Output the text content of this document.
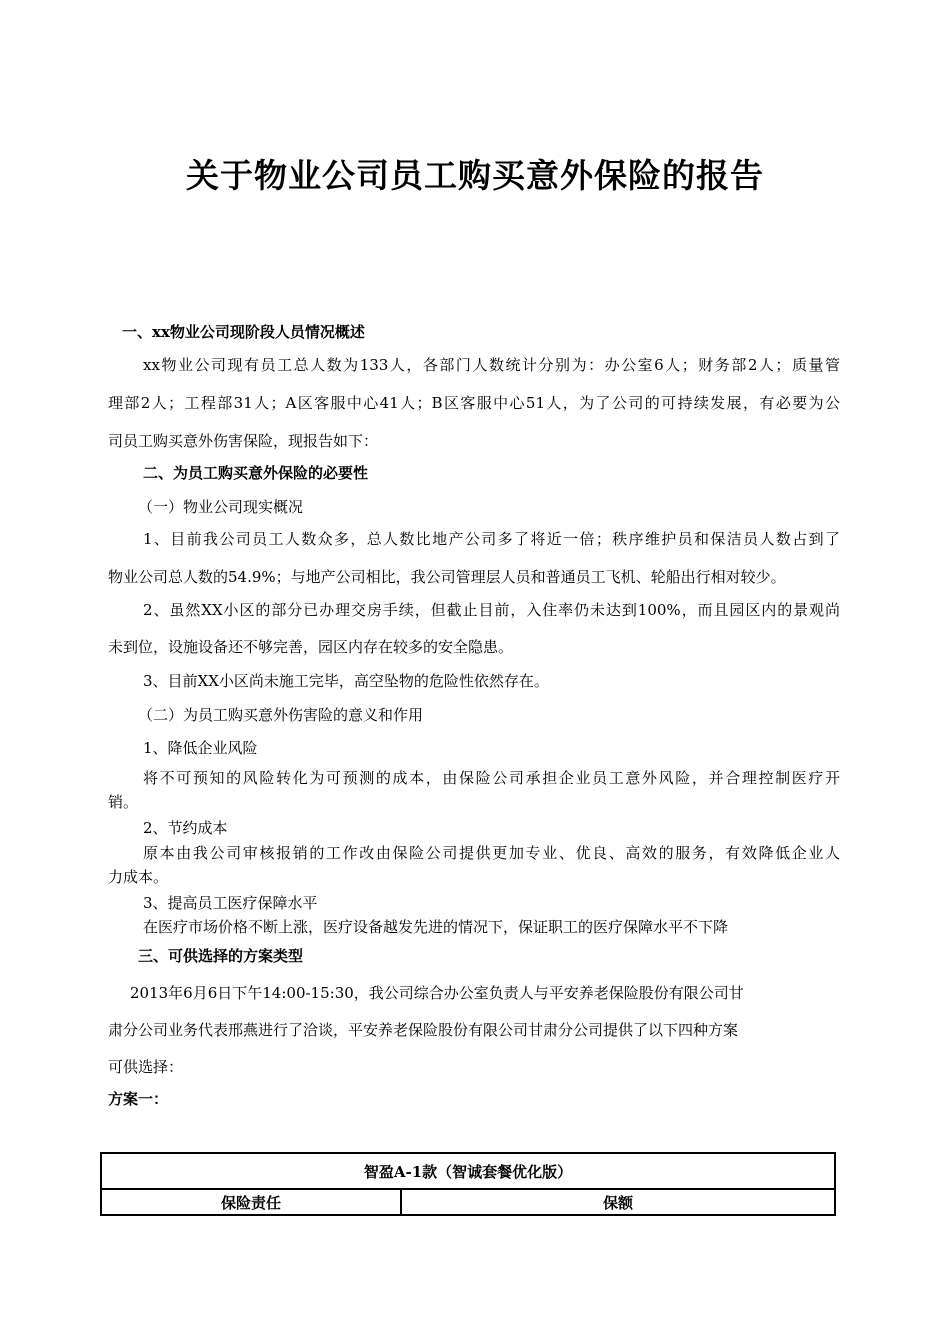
关于物业公司员工购买意外保险的报告
一、xx物业公司现阶段人员情况概述
xx物业公司现有员工总人数为133人，各部门人数统计分别为：办公室6人；财务部2人；质量管
理部2人；工程部31人；A区客服中心41人；B区客服中心51人，为了公司的可持续发展，有必要为公
司员工购买意外伤害保险，现报告如下：
二、为员工购买意外保险的必要性
（一）物业公司现实概况
1、目前我公司员工人数众多，总人数比地产公司多了将近一倍；秩序维护员和保洁员人数占到了
物业公司总人数的54.9%；与地产公司相比，我公司管理层人员和普通员工飞机、轮船出行相对较少。
2、虽然XX小区的部分已办理交房手续，但截止目前，入住率仍未达到100%，而且园区内的景观尚
未到位，设施设备还不够完善，园区内存在较多的安全隐患。
3、目前XX小区尚未施工完毕，高空坠物的危险性依然存在。
（二）为员工购买意外伤害险的意义和作用
1、降低企业风险
将不可预知的风险转化为可预测的成本，由保险公司承担企业员工意外风险，并合理控制医疗开
销。
2、节约成本
原本由我公司审核报销的工作改由保险公司提供更加专业、优良、高效的服务，有效降低企业人
力成本。
3、提高员工医疗保障水平
在医疗市场价格不断上涨，医疗设备越发先进的情况下，保证职工的医疗保障水平不下降
三、可供选择的方案类型
2013年6月6日下午14:00-15:30，我公司综合办公室负责人与平安养老保险股份有限公司甘
肃分公司业务代表邢燕进行了洽谈，平安养老保险股份有限公司甘肃分公司提供了以下四种方案
可供选择：
方案一：
智盈A-1款（智诚套餐优化版）
保险责任	保额
